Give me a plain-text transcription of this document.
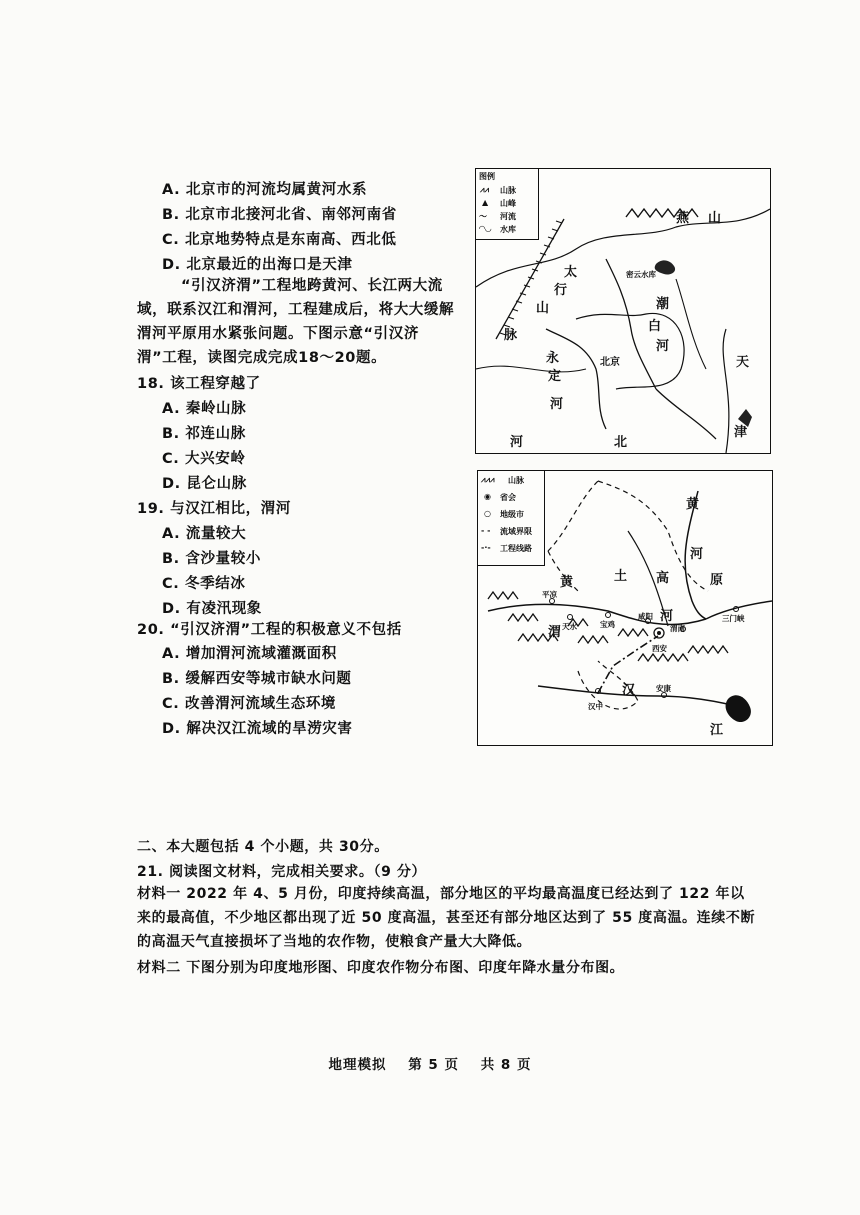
A. 北京市的河流均属黄河水系
B. 北京市北接河北省、南邻河南省
C. 北京地势特点是东南高、西北低
D. 北京最近的出海口是天津
“引汉济渭”工程地跨黄河、长江两大流域，联系汉江和渭河，工程建成后，将大大缓解渭河平原用水紧张问题。下图示意“引汉济渭”工程，读图完成完成18～20题。
18. 该工程穿越了
A. 秦岭山脉
B. 祁连山脉
C. 大兴安岭
D. 昆仑山脉
19. 与汉江相比，渭河
A. 流量较大
B. 含沙量较小
C. 冬季结冰
D. 有凌汛现象
20. “引汉济渭”工程的积极意义不包括
A. 增加渭河流域灌溉面积
B. 缓解西安等城市缺水问题
C. 改善渭河流域生态环境
D. 解决汉江流域的旱涝灾害
图例
⩘⩘ 山脉
▲ 山峰
～ 河流
◠◡ 水库
燕 山
太
行
山
脉
潮
白
河
永
定
河
天
津
河	北
北京
密云水库
⩘⩘⩘ 山脉
◉ 省会
○ 地级市
- - 流域界限
-·- 工程线路
黄
河
原
黄	土 高
渭
河
汉
江
平凉
天水	宝鸡
咸阳
渭南
西安
三门峡
汉中
安康
二、本大题包括 4 个小题，共 30分。
21. 阅读图文材料，完成相关要求。（9 分）
材料一 2022 年 4、5 月份，印度持续高温，部分地区的平均最高温度已经达到了 122 年以来的最高值，不少地区都出现了近 50 度高温，甚至还有部分地区达到了 55 度高温。连续不断的高温天气直接损坏了当地的农作物，使粮食产量大大降低。
材料二 下图分别为印度地形图、印度农作物分布图、印度年降水量分布图。
地理模拟 第 5 页 共 8 页
